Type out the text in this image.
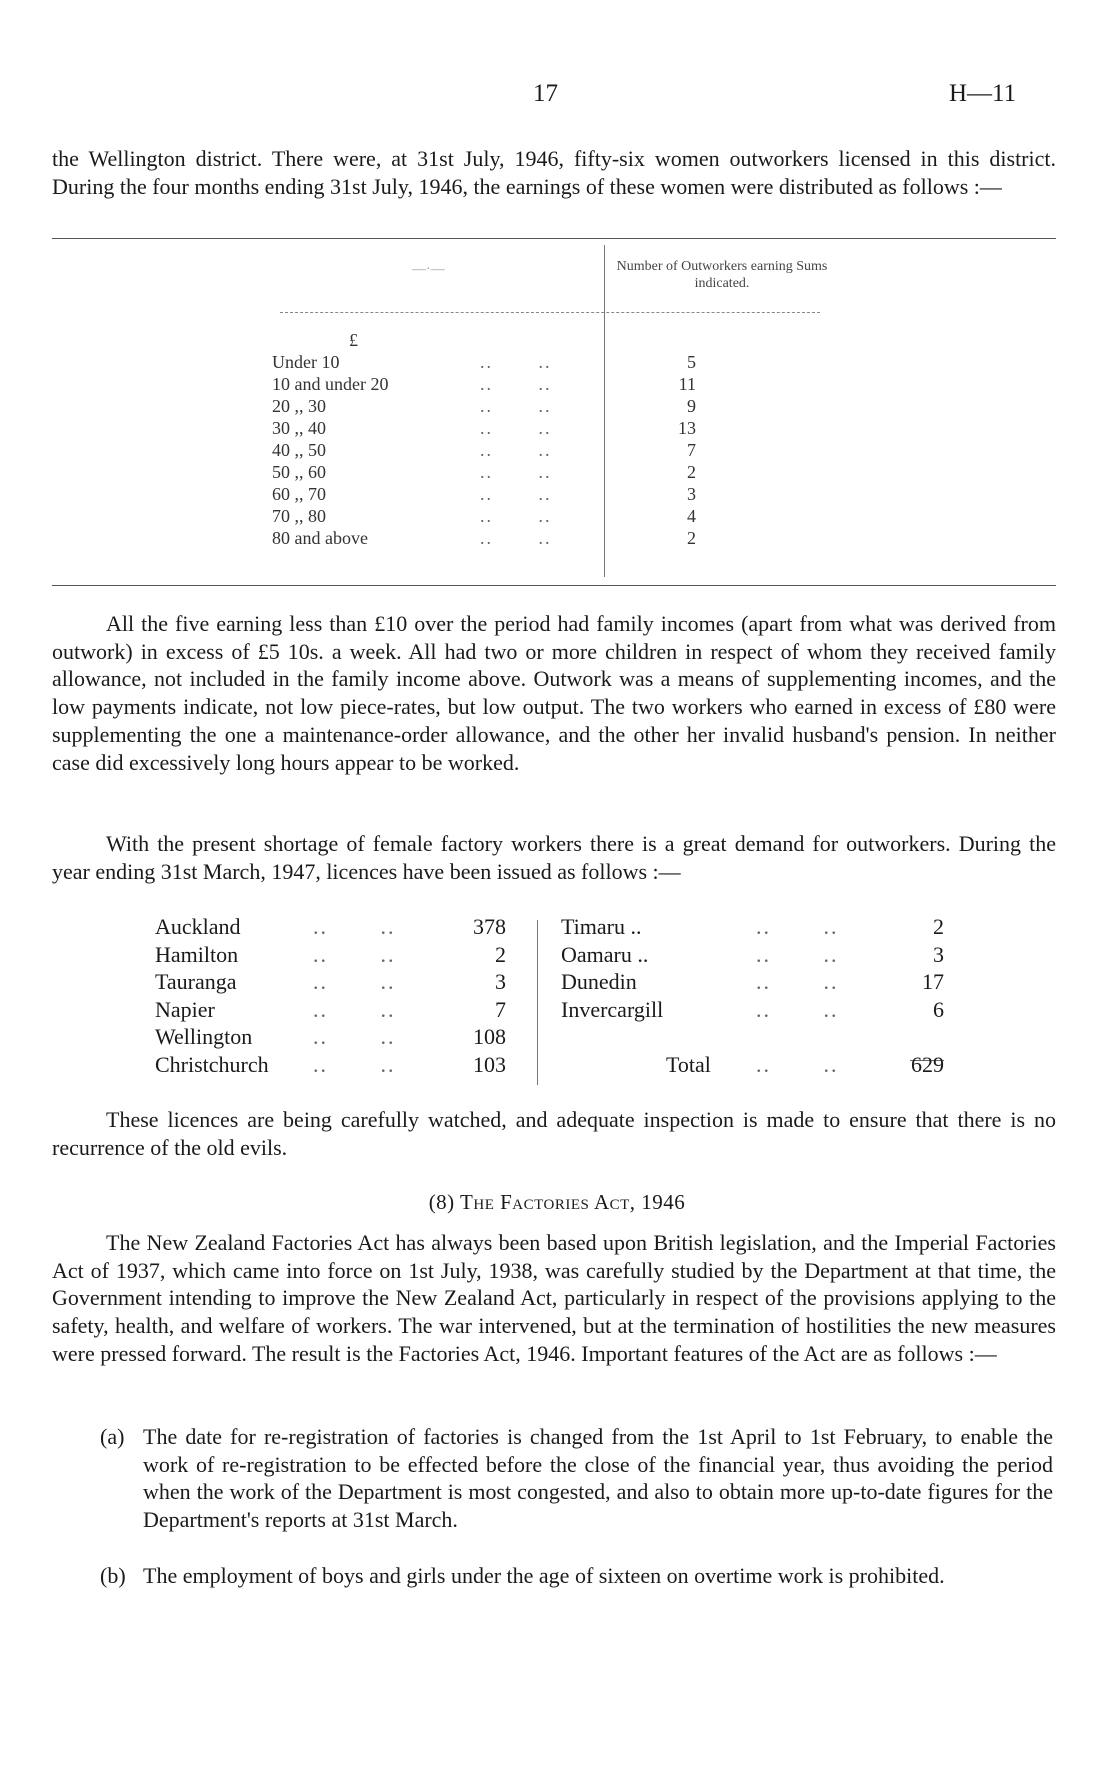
17	H—11
the Wellington district. There were, at 31st July, 1946, fifty-six women outworkers licensed in this district. During the four months ending 31st July, 1946, the earnings of these women were distributed as follows :—
—·—	Number of Outworkers earning Sums indicated.
£
Under 10	..       ..	5
10 and under 20	..       ..	11
20 ,, 30	..       ..	9
30 ,, 40	..       ..	13
40 ,, 50	..       ..	7
50 ,, 60	..       ..	2
60 ,, 70	..       ..	3
70 ,, 80	..       ..	4
80 and above	..       ..	2
All the five earning less than £10 over the period had family incomes (apart from what was derived from outwork) in excess of £5 10s. a week. All had two or more children in respect of whom they received family allowance, not included in the family income above. Outwork was a means of supplementing incomes, and the low payments indicate, not low piece-rates, but low output. The two workers who earned in excess of £80 were supplementing the one a maintenance-order allowance, and the other her invalid husband's pension. In neither case did excessively long hours appear to be worked.
With the present shortage of female factory workers there is a great demand for outworkers. During the year ending 31st March, 1947, licences have been issued as follows :—
Auckland	..       ..	378
Hamilton	..       ..	2
Tauranga	..       ..	3
Napier	..       ..	7
Wellington	..       ..	108
Christchurch ..       ..	103
Timaru ..	..       ..	2
Oamaru ..	..       ..	3
Dunedin	..       ..	17
Invercargill	..       ..	6
Total ..       ..	629
These licences are being carefully watched, and adequate inspection is made to ensure that there is no recurrence of the old evils.
(8) The Factories Act, 1946
The New Zealand Factories Act has always been based upon British legislation, and the Imperial Factories Act of 1937, which came into force on 1st July, 1938, was carefully studied by the Department at that time, the Government intending to improve the New Zealand Act, particularly in respect of the provisions applying to the safety, health, and welfare of workers. The war intervened, but at the termination of hostilities the new measures were pressed forward. The result is the Factories Act, 1946. Important features of the Act are as follows :—
(a) The date for re-registration of factories is changed from the 1st April to 1st February, to enable the work of re-registration to be effected before the close of the financial year, thus avoiding the period when the work of the Department is most congested, and also to obtain more up-to-date figures for the Department's reports at 31st March.
(b) The employment of boys and girls under the age of sixteen on overtime work is prohibited.
